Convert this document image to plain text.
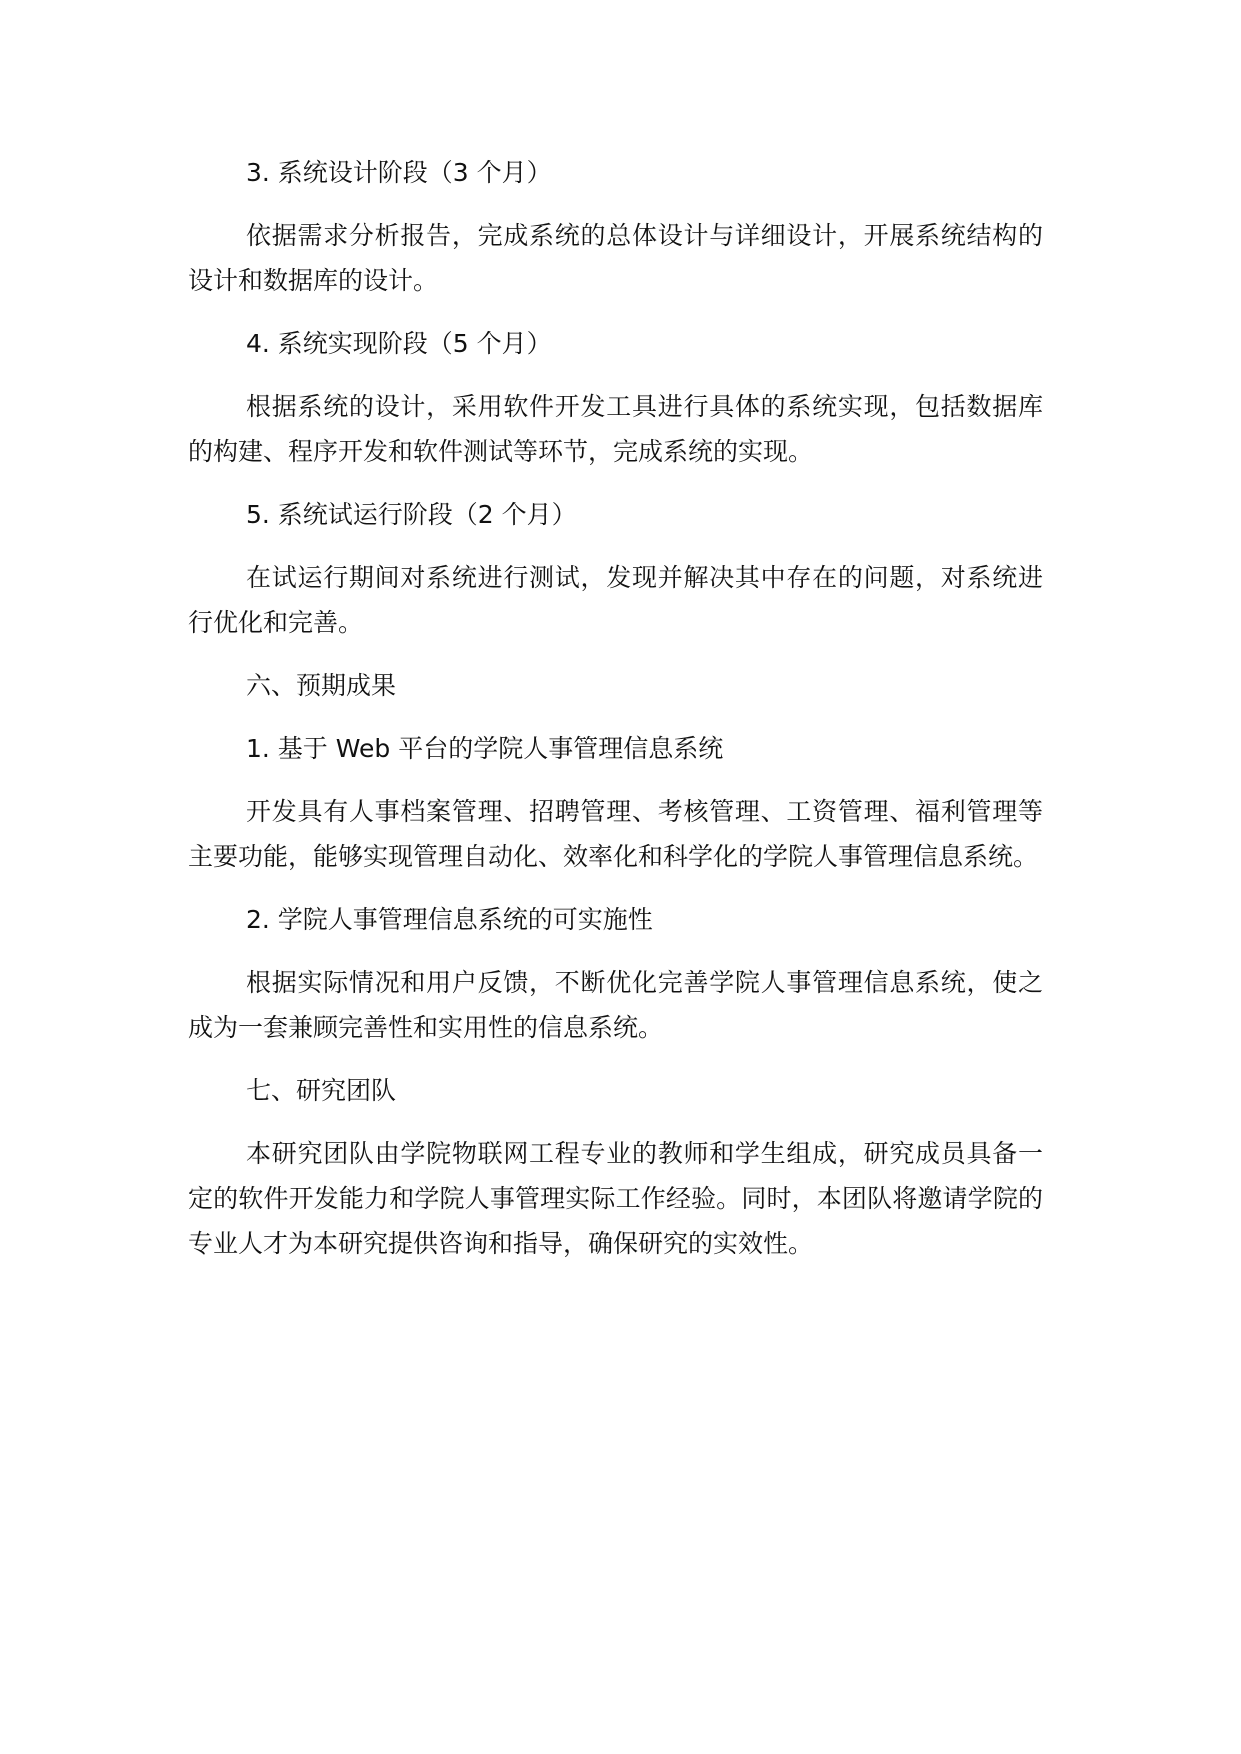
3. 系统设计阶段（3 个月）
依据需求分析报告，完成系统的总体设计与详细设计，开展系统结构的设计和数据库的设计。
4. 系统实现阶段（5 个月）
根据系统的设计，采用软件开发工具进行具体的系统实现，包括数据库的构建、程序开发和软件测试等环节，完成系统的实现。
5. 系统试运行阶段（2 个月）
在试运行期间对系统进行测试，发现并解决其中存在的问题，对系统进行优化和完善。
六、预期成果
1. 基于 Web 平台的学院人事管理信息系统
开发具有人事档案管理、招聘管理、考核管理、工资管理、福利管理等主要功能，能够实现管理自动化、效率化和科学化的学院人事管理信息系统。
2. 学院人事管理信息系统的可实施性
根据实际情况和用户反馈，不断优化完善学院人事管理信息系统，使之成为一套兼顾完善性和实用性的信息系统。
七、研究团队
本研究团队由学院物联网工程专业的教师和学生组成，研究成员具备一定的软件开发能力和学院人事管理实际工作经验。同时，本团队将邀请学院的专业人才为本研究提供咨询和指导，确保研究的实效性。
